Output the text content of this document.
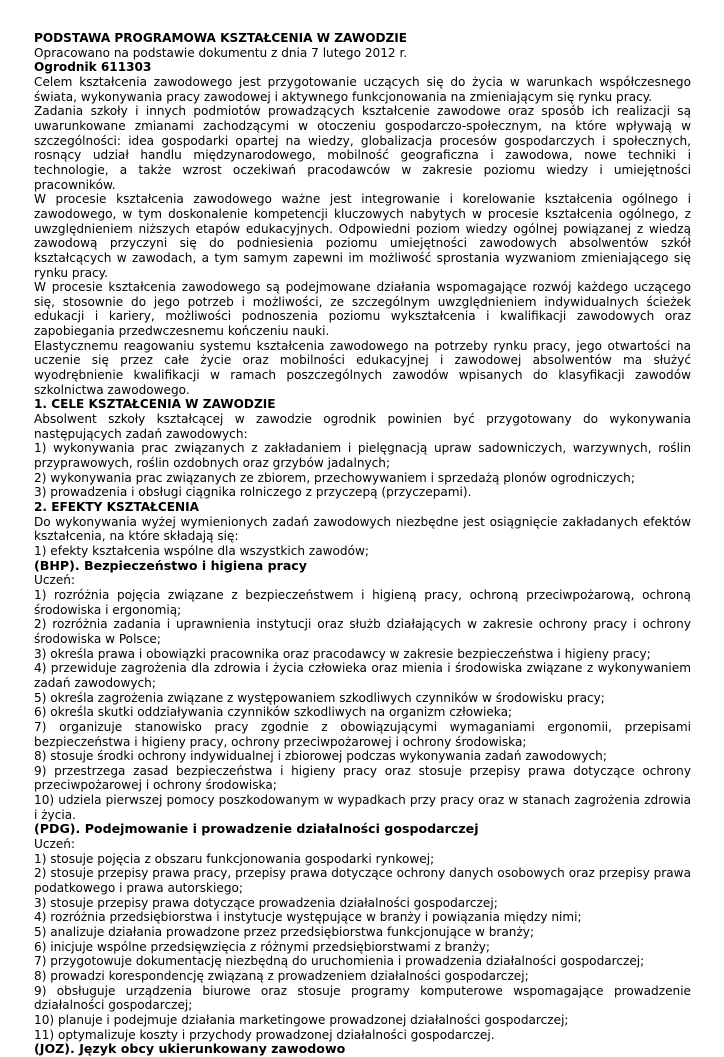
PODSTAWA PROGRAMOWA KSZTAŁCENIA W ZAWODZIE

Opracowano na podstawie dokumentu z dnia 7 lutego 2012 r.

Ogrodnik 611303

Celem kształcenia zawodowego jest przygotowanie uczących się do życia w warunkach współczesnego świata, wykonywania pracy zawodowej i aktywnego funkcjonowania na zmieniającym się rynku pracy.

Zadania szkoły i innych podmiotów prowadzących kształcenie zawodowe oraz sposób ich realizacji są uwarunkowane zmianami zachodzącymi w otoczeniu gospodarczo-społecznym, na które wpływają w szczególności: idea gospodarki opartej na wiedzy, globalizacja procesów gospodarczych i społecznych, rosnący udział handlu międzynarodowego, mobilność geograficzna i zawodowa, nowe techniki i technologie, a także wzrost oczekiwań pracodawców w zakresie poziomu wiedzy i umiejętności pracowników.

W procesie kształcenia zawodowego ważne jest integrowanie i korelowanie kształcenia ogólnego i zawodowego, w tym doskonalenie kompetencji kluczowych nabytych w procesie kształcenia ogólnego, z uwzględnieniem niższych etapów edukacyjnych. Odpowiedni poziom wiedzy ogólnej powiązanej z wiedzą zawodową przyczyni się do podniesienia poziomu umiejętności zawodowych absolwentów szkół kształcących w zawodach, a tym samym zapewni im możliwość sprostania wyzwaniom zmieniającego się rynku pracy.

W procesie kształcenia zawodowego są podejmowane działania wspomagające rozwój każdego uczącego się, stosownie do jego potrzeb i możliwości, ze szczególnym uwzględnieniem indywidualnych ścieżek edukacji i kariery, możliwości podnoszenia poziomu wykształcenia i kwalifikacji zawodowych oraz zapobiegania przedwczesnemu kończeniu nauki.

Elastycznemu reagowaniu systemu kształcenia zawodowego na potrzeby rynku pracy, jego otwartości na uczenie się przez całe życie oraz mobilności edukacyjnej i zawodowej absolwentów ma służyć wyodrębnienie kwalifikacji w ramach poszczególnych zawodów wpisanych do klasyfikacji zawodów szkolnictwa zawodowego.

1. CELE KSZTAŁCENIA W ZAWODZIE

Absolwent szkoły kształcącej w zawodzie ogrodnik powinien być przygotowany do wykonywania następujących zadań zawodowych:

1) wykonywania prac związanych z zakładaniem i pielęgnacją upraw sadowniczych, warzywnych, roślin przyprawowych, roślin ozdobnych oraz grzybów jadalnych;

2) wykonywania prac związanych ze zbiorem, przechowywaniem i sprzedażą plonów ogrodniczych;

3) prowadzenia i obsługi ciągnika rolniczego z przyczepą (przyczepami).

2. EFEKTY KSZTAŁCENIA

Do wykonywania wyżej wymienionych zadań zawodowych niezbędne jest osiągnięcie zakładanych efektów kształcenia, na które składają się:

1) efekty kształcenia wspólne dla wszystkich zawodów;

(BHP). Bezpieczeństwo i higiena pracy

Uczeń:

1) rozróżnia pojęcia związane z bezpieczeństwem i higieną pracy, ochroną przeciwpożarową, ochroną środowiska i ergonomią;

2) rozróżnia zadania i uprawnienia instytucji oraz służb działających w zakresie ochrony pracy i ochrony środowiska w Polsce;

3) określa prawa i obowiązki pracownika oraz pracodawcy w zakresie bezpieczeństwa i higieny pracy;

4) przewiduje zagrożenia dla zdrowia i życia człowieka oraz mienia i środowiska związane z wykonywaniem zadań zawodowych;

5) określa zagrożenia związane z występowaniem szkodliwych czynników w środowisku pracy;

6) określa skutki oddziaływania czynników szkodliwych na organizm człowieka;

7) organizuje stanowisko pracy zgodnie z obowiązującymi wymaganiami ergonomii, przepisami bezpieczeństwa i higieny pracy, ochrony przeciwpożarowej i ochrony środowiska;

8) stosuje środki ochrony indywidualnej i zbiorowej podczas wykonywania zadań zawodowych;

9) przestrzega zasad bezpieczeństwa i higieny pracy oraz stosuje przepisy prawa dotyczące ochrony przeciwpożarowej i ochrony środowiska;

10) udziela pierwszej pomocy poszkodowanym w wypadkach przy pracy oraz w stanach zagrożenia zdrowia i życia.

(PDG). Podejmowanie i prowadzenie działalności gospodarczej

Uczeń:

1) stosuje pojęcia z obszaru funkcjonowania gospodarki rynkowej;

2) stosuje przepisy prawa pracy, przepisy prawa dotyczące ochrony danych osobowych oraz przepisy prawa podatkowego i prawa autorskiego;

3) stosuje przepisy prawa dotyczące prowadzenia działalności gospodarczej;

4) rozróżnia przedsiębiorstwa i instytucje występujące w branży i powiązania między nimi;

5) analizuje działania prowadzone przez przedsiębiorstwa funkcjonujące w branży;

6) inicjuje wspólne przedsięwzięcia z różnymi przedsiębiorstwami z branży;

7) przygotowuje dokumentację niezbędną do uruchomienia i prowadzenia działalności gospodarczej;

8) prowadzi korespondencję związaną z prowadzeniem działalności gospodarczej;

9) obsługuje urządzenia biurowe oraz stosuje programy komputerowe wspomagające prowadzenie działalności gospodarczej;

10) planuje i podejmuje działania marketingowe prowadzonej działalności gospodarczej;

11) optymalizuje koszty i przychody prowadzonej działalności gospodarczej.

(JOZ). Język obcy ukierunkowany zawodowo
